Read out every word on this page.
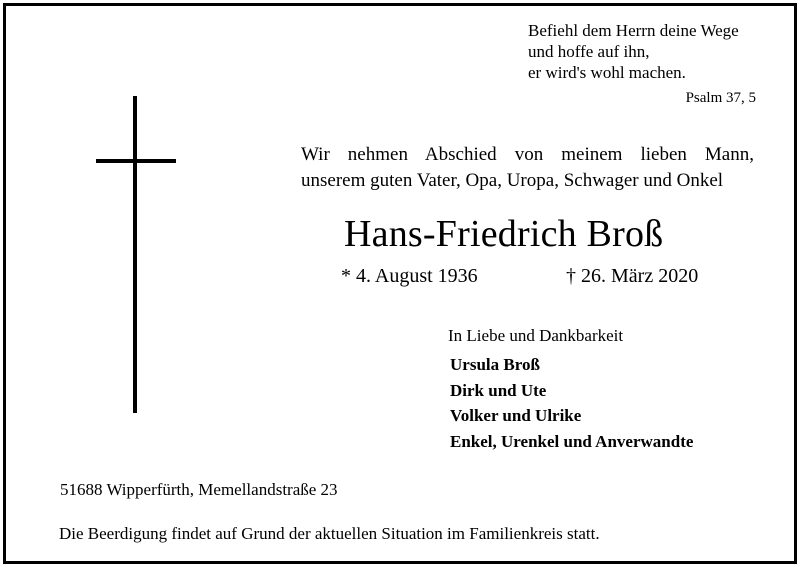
Befiehl dem Herrn deine Wege
und hoffe auf ihn,
er wird's wohl machen.
Psalm 37, 5
Wir nehmen Abschied von meinem lieben Mann,
unserem guten Vater, Opa, Uropa, Schwager und Onkel
Hans-Friedrich Broß
* 4. August 1936	† 26. März 2020
In Liebe und Dankbarkeit
Ursula Broß
Dirk und Ute
Volker und Ulrike
Enkel, Urenkel und Anverwandte
51688 Wipperfürth, Memellandstraße 23
Die Beerdigung findet auf Grund der aktuellen Situation im Familienkreis statt.
